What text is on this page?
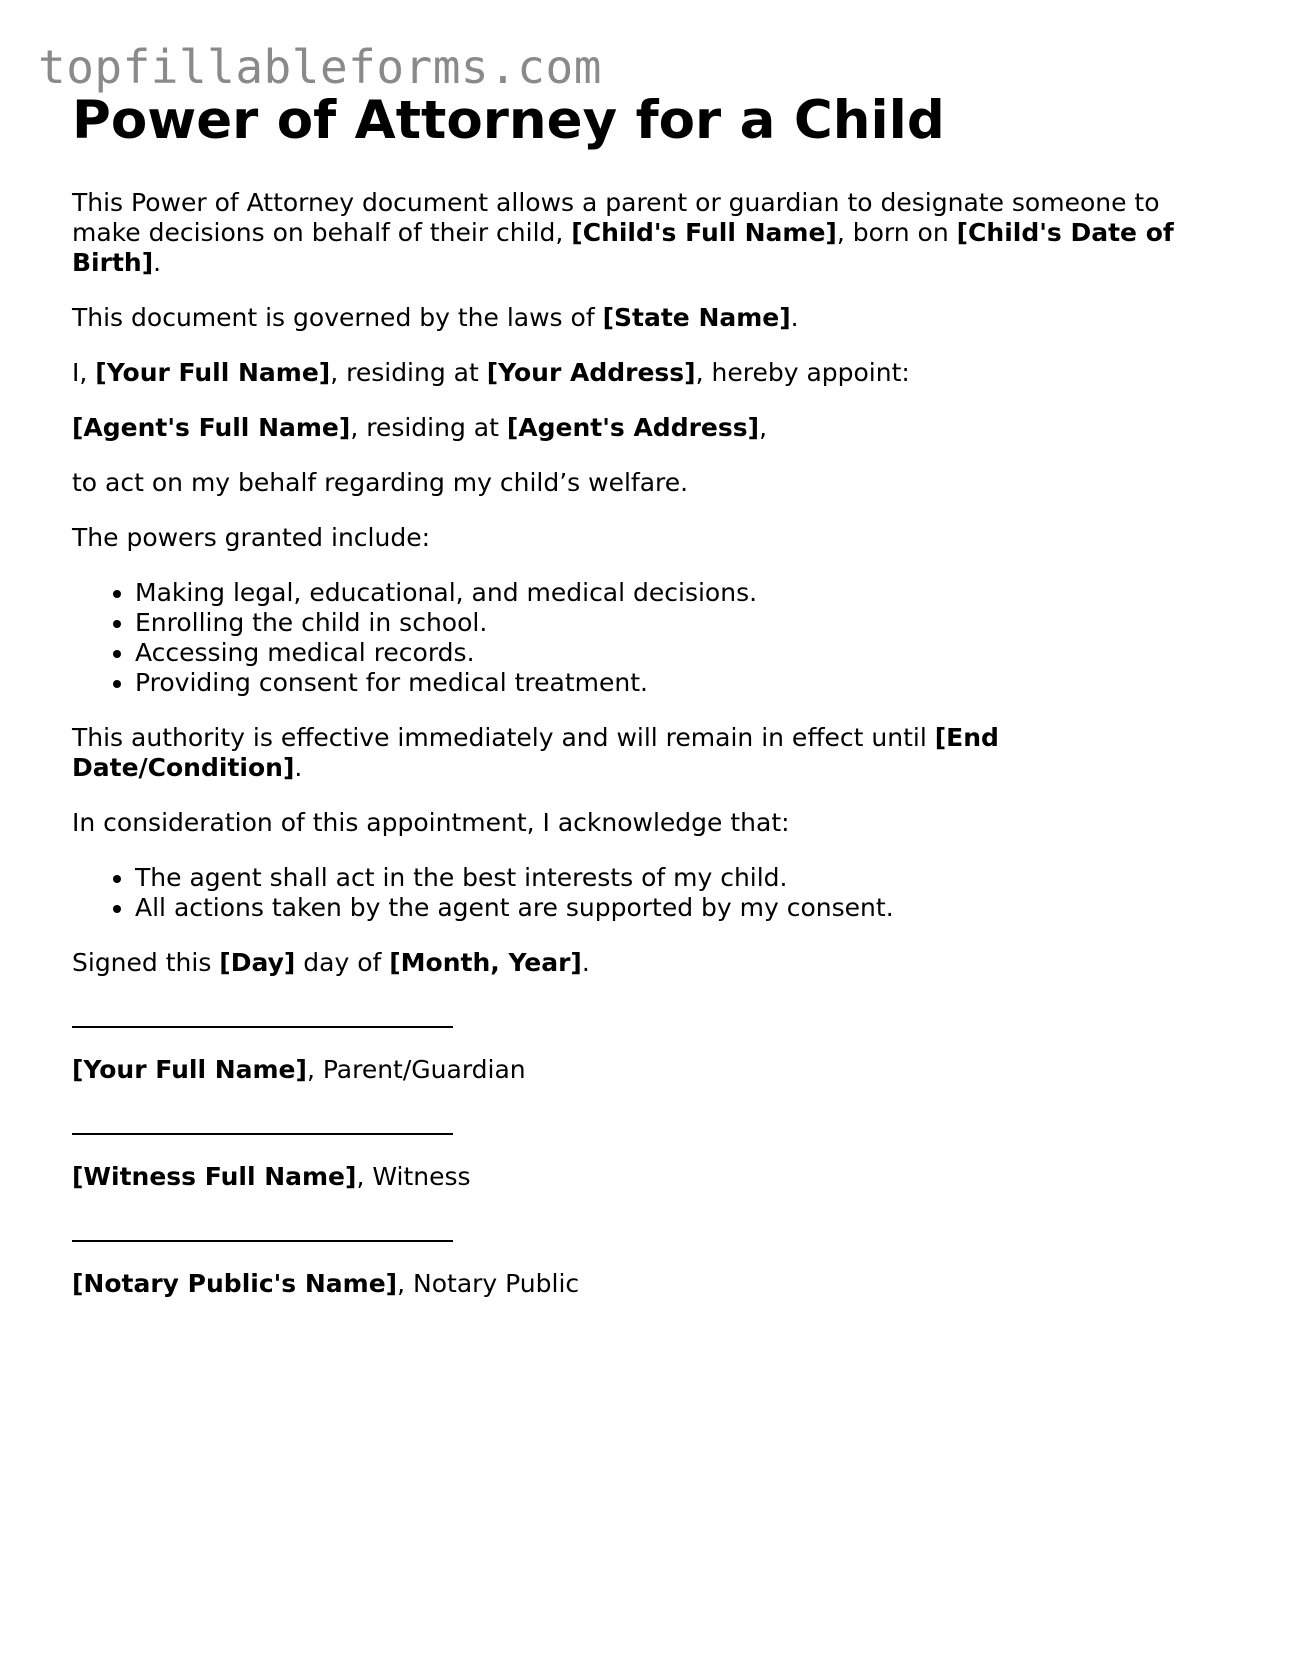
topfillableforms.com
Power of Attorney for a Child

This Power of Attorney document allows a parent or guardian to designate someone to make decisions on behalf of their child, [Child's Full Name], born on [Child's Date of Birth].

This document is governed by the laws of [State Name].

I, [Your Full Name], residing at [Your Address], hereby appoint:

[Agent's Full Name], residing at [Agent's Address],

to act on my behalf regarding my child’s welfare.

The powers granted include:

• Making legal, educational, and medical decisions.
• Enrolling the child in school.
• Accessing medical records.
• Providing consent for medical treatment.

This authority is effective immediately and will remain in effect until [End Date/Condition].

In consideration of this appointment, I acknowledge that:

• The agent shall act in the best interests of my child.
• All actions taken by the agent are supported by my consent.

Signed this [Day] day of [Month, Year].

[Your Full Name], Parent/Guardian

[Witness Full Name], Witness

[Notary Public's Name], Notary Public
